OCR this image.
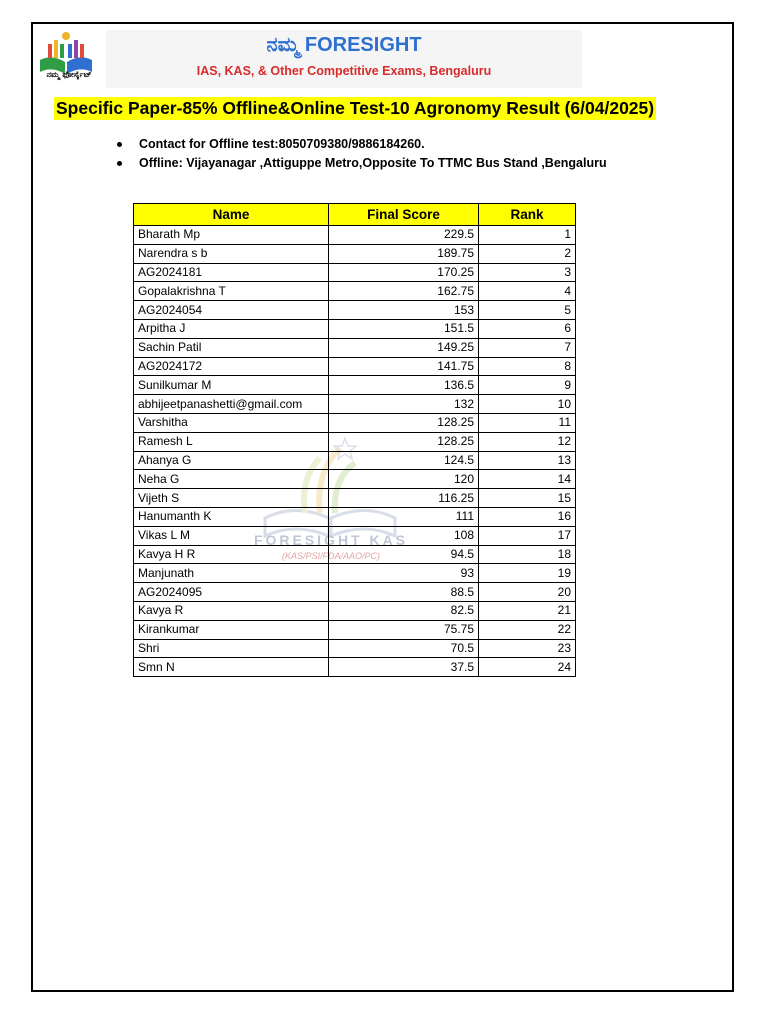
ನಮ್ಮ ಫೋರ್ಸೈಟ್
ನಮ್ಮ FORESIGHT
IAS, KAS, & Other Competitive Exams, Bengaluru
Specific Paper-85% Offline&Online Test-10 Agronomy Result (6/04/2025)
Contact for Offline test:8050709380/9886184260.
Offline: Vijayanagar ,Attiguppe Metro,Opposite To TTMC Bus Stand ,Bengaluru
FORESIGHT KAS
(KAS/PSI/FDA/AAO/PC)
Name	Final Score	Rank
Bharath Mp	229.5	1
Narendra s b	189.75	2
AG2024181	170.25	3
Gopalakrishna T	162.75	4
AG2024054	153	5
Arpitha J	151.5	6
Sachin Patil	149.25	7
AG2024172	141.75	8
Sunilkumar M	136.5	9
abhijeetpanashetti@gmail.com	132	10
Varshitha	128.25	11
Ramesh L	128.25	12
Ahanya G	124.5	13
Neha G	120	14
Vijeth S	116.25	15
Hanumanth K	111	16
Vikas L M	108	17
Kavya H R	94.5	18
Manjunath	93	19
AG2024095	88.5	20
Kavya R	82.5	21
Kirankumar	75.75	22
Shri	70.5	23
Smn N	37.5	24
